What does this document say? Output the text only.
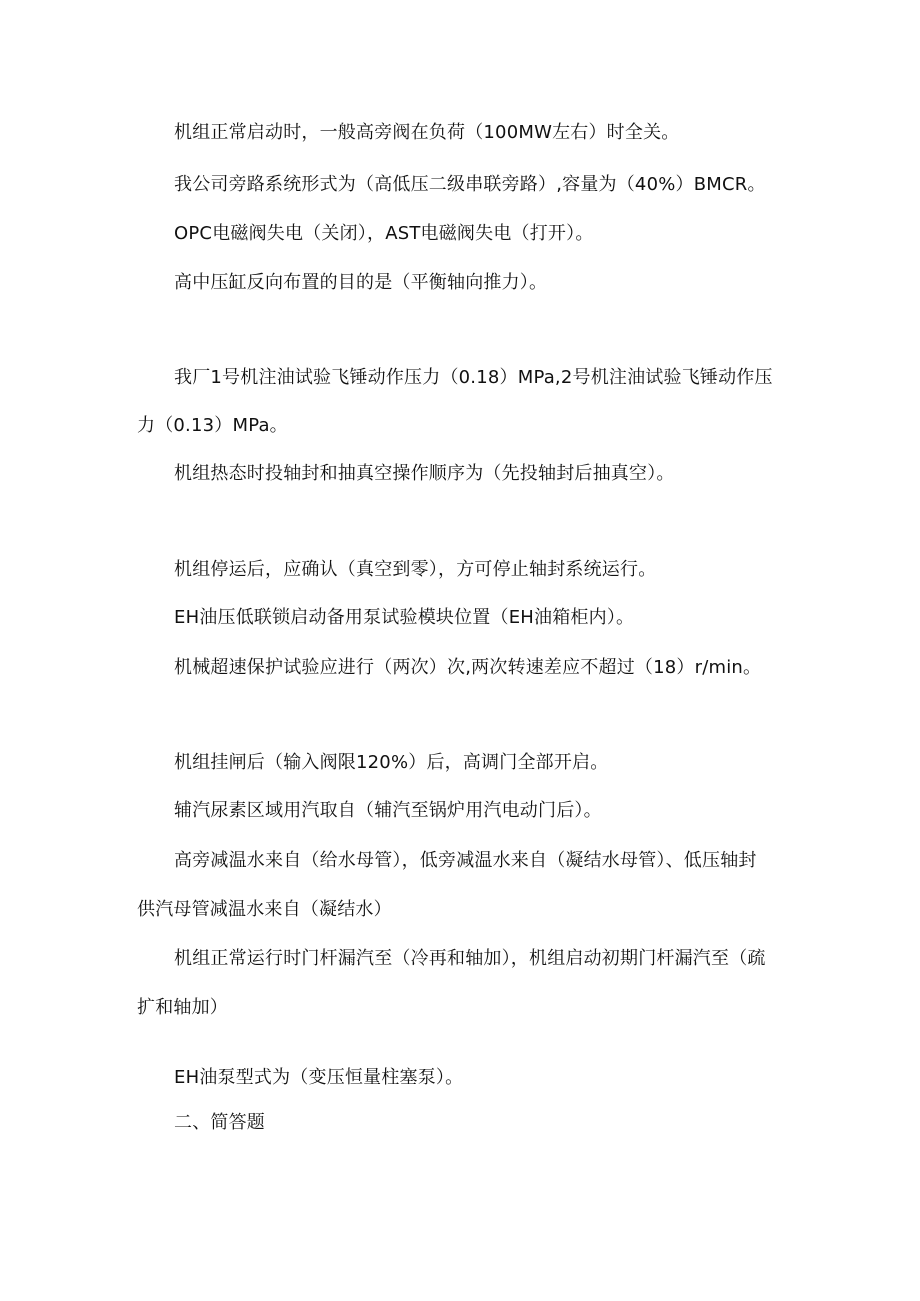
机组正常启动时，一般高旁阀在负荷（100MW左右）时全关。
我公司旁路系统形式为（高低压二级串联旁路）,容量为（40%）BMCR。
OPC电磁阀失电（关闭），AST电磁阀失电（打开）。
高中压缸反向布置的目的是（平衡轴向推力）。
我厂1号机注油试验飞锤动作压力（0.18）MPa,2号机注油试验飞锤动作压
力（0.13）MPa。
机组热态时投轴封和抽真空操作顺序为（先投轴封后抽真空）。
机组停运后，应确认（真空到零），方可停止轴封系统运行。
EH油压低联锁启动备用泵试验模块位置（EH油箱柜内）。
机械超速保护试验应进行（两次）次,两次转速差应不超过（18）r/min。
机组挂闸后（输入阀限120%）后，高调门全部开启。
辅汽尿素区域用汽取自（辅汽至锅炉用汽电动门后）。
高旁减温水来自（给水母管），低旁减温水来自（凝结水母管）、低压轴封
供汽母管减温水来自（凝结水）
机组正常运行时门杆漏汽至（冷再和轴加），机组启动初期门杆漏汽至（疏
扩和轴加）
EH油泵型式为（变压恒量柱塞泵）。
二、简答题
